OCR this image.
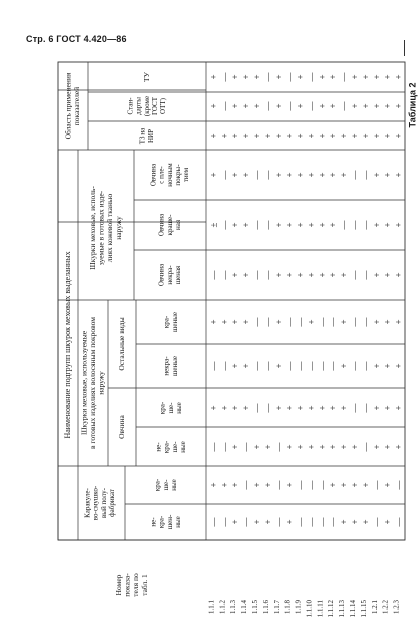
Стр. 6 ГОСТ 4.420—86
Таблица 2
Номер показа- теля по табл. 1
Наименование подгрупп шкурок меховых выделанных
Каракуле- во-смушко- вый полу- фабрикат
не- кра- шен- ные
кра- ше- ные
Шкурки меховые, используемые в готовых изделиях волосяным покровом наружу
Овчина
не- кра- ше- ные
кра- ше- ные
Остальные виды	некра- шеные
кра- шеные
Шкурки меховые, исполь- зуемые в готовых изде- лиях кожевой тканью наружу
Овчина некра- шеная
Овчина краше- ная
Овчина с пле- ночным покры- тием
Область применения показателей
ТЗ на НИР
Стан- дарты (кроме ГОСТ ОТТ)
ТУ
1.1.1 1.1.2 1.1.3 1.1.4 1.1.5 1.1.6 1.1.7 1.1.8 1.1.9 1.1.10 1.1.11 1.1.12 1.1.13 1.1.14 1.1.15 1.2.1 1.2.2 1.2.3
— — + — + + — + — — — — + + + — + —
+ + + — + + — + — — — + + + + — + —
— — + — + + — + + + + + + + — + + +
+ + + + — — + + + + + + + — — + + +
— — + + — — + — — — — — + — — + + +
+ + + + — — + — — + — — + — — + + +
— — + + — — + + + + + + + — — + + +
± — + + — — + + + + + + — — — + + +
+ — + + — — + + + + + + + — — + + +
+ + + + + + + + + + + + + + + + + +
+ — + + + — + — + — + + — + + + + +
+ — + + + — + — + — + + — + + + + +
